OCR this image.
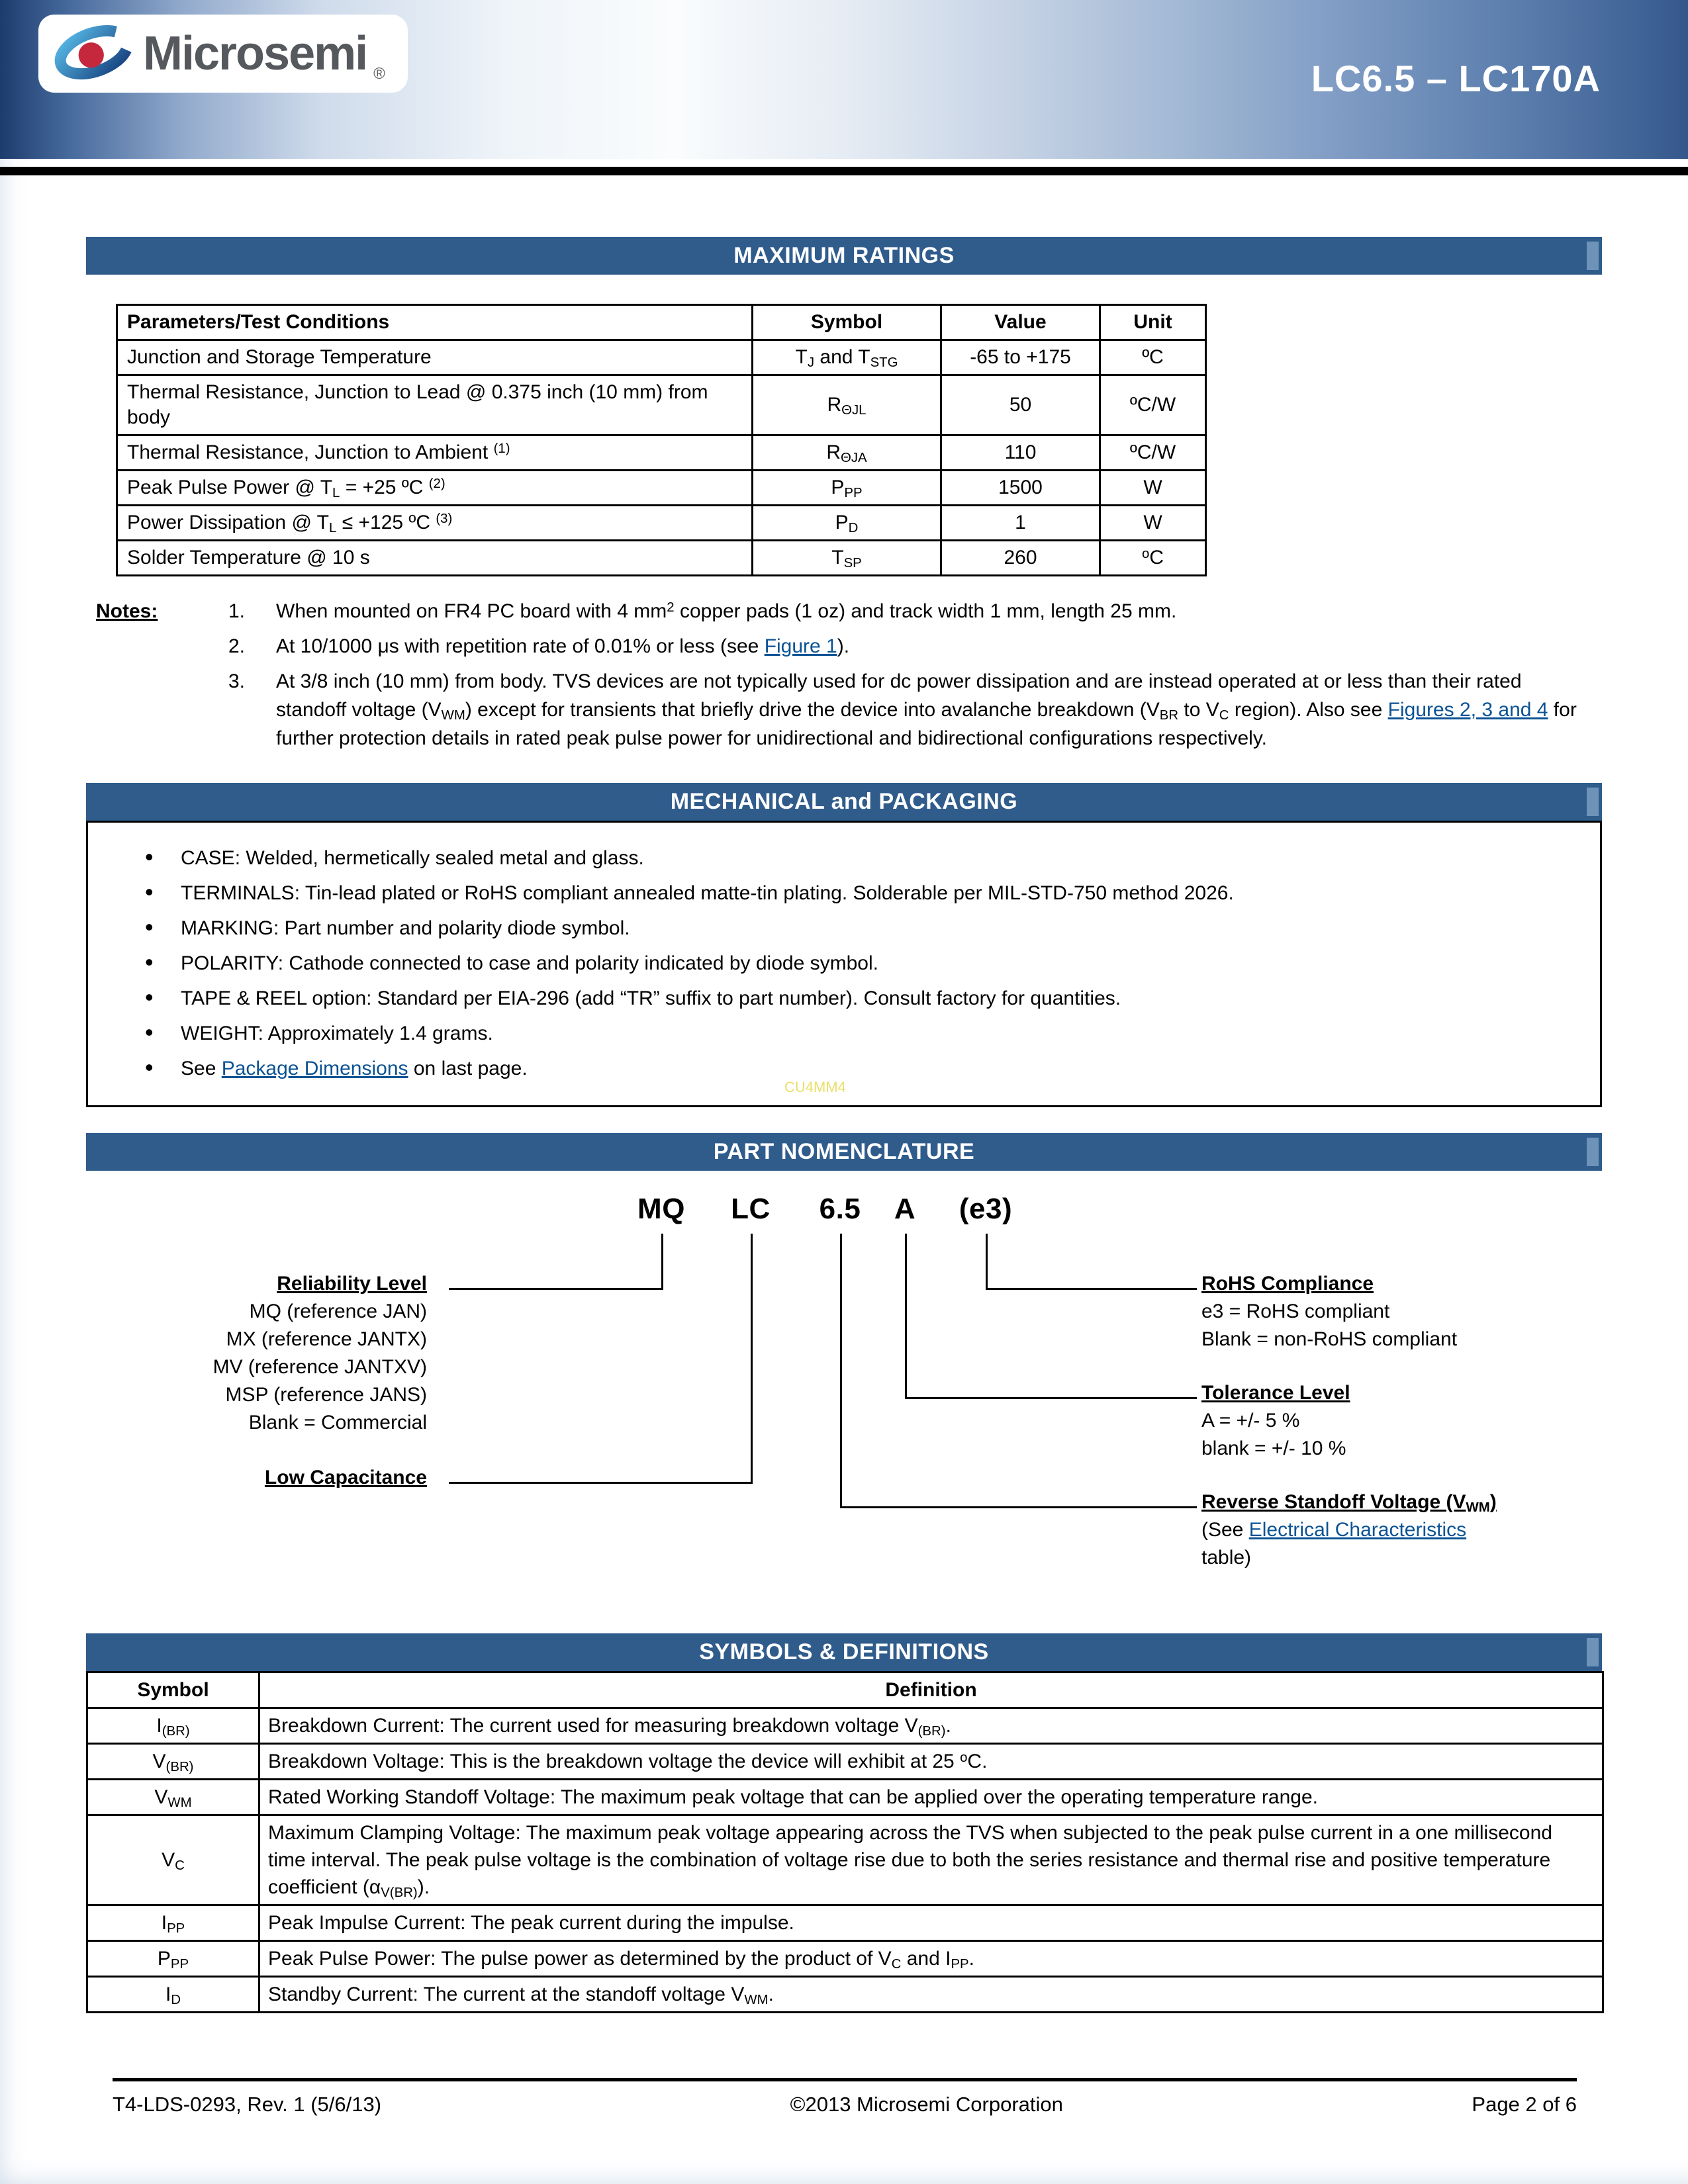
Microsemi ®	LC6.5 – LC170A
MAXIMUM RATINGS
Parameters/Test Conditions	Symbol	Value	Unit
Junction and Storage Temperature	$T_J$ and $T_{STG}$	-65 to +175	ºC
Thermal Resistance, Junction to Lead @ 0.375 inch (10 mm) from body	$R_{\Theta JL}$	50	ºC/W
Thermal Resistance, Junction to Ambient $^{(1)}$	$R_{\Theta JA}$	110	ºC/W
Peak Pulse Power @ $T_L = +25$ ºC $^{(2)}$	$P_{PP}$	1500	W
Power Dissipation @ $T_L \le +125$ ºC $^{(3)}$	$P_D$	1	W
Solder Temperature @ 10 s	$T_{SP}$	260	$^o$C
Notes:	1.	When mounted on FR4 PC board with 4 $mm^2$ copper pads (1 oz) and track width 1 mm, length 25 mm.
2.	At 10/1000 μs with repetition rate of 0.01% or less (see Figure 1).
3.	At 3/8 inch (10 mm) from body. TVS devices are not typically used for dc power dissipation and are instead operated at or less than their rated standoff voltage $(V_{WM})$ except for transients that briefly drive the device into avalanche breakdown ($V_{BR}$ to $V_C$ region). Also see Figures 2, 3 and 4 for further protection details in rated peak pulse power for unidirectional and bidirectional configurations respectively.
MECHANICAL and PACKAGING
• CASE: Welded, hermetically sealed metal and glass.
• TERMINALS: Tin-lead plated or RoHS compliant annealed matte-tin plating. Solderable per MIL-STD-750 method 2026.
• MARKING: Part number and polarity diode symbol.
• POLARITY: Cathode connected to case and polarity indicated by diode symbol.
• TAPE & REEL option: Standard per EIA-296 (add “TR” suffix to part number). Consult factory for quantities.
• WEIGHT: Approximately 1.4 grams.
• See Package Dimensions on last page.
CU4MM4
PART NOMENCLATURE
MQ LC 6.5 A (e3)
Reliability Level
MQ (reference JAN)
MX (reference JANTX)
MV (reference JANTXV)
MSP (reference JANS)
Blank = Commercial
Low Capacitance
RoHS Compliance
e3 = RoHS compliant
Blank = non-RoHS compliant
Tolerance Level
A = +/- 5 %
blank = +/- 10 %
Reverse Standoff Voltage $(V_{WM})$
(See Electrical Characteristics
table)
SYMBOLS & DEFINITIONS
Symbol	Definition
$I_{(BR)}$	Breakdown Current: The current used for measuring breakdown voltage $V_{(BR)}$.
$V_{(BR)}$	Breakdown Voltage: This is the breakdown voltage the device will exhibit at 25 $^o$C.
$V_{WM}$	Rated Working Standoff Voltage: The maximum peak voltage that can be applied over the operating temperature range.
$V_C$	Maximum Clamping Voltage: The maximum peak voltage appearing across the TVS when subjected to the peak pulse current in a one millisecond time interval. The peak pulse voltage is the combination of voltage rise due to both the series resistance and thermal rise and positive temperature coefficient $(\alpha_{V(BR)})$.
$I_{PP}$	Peak Impulse Current: The peak current during the impulse.
$P_{PP}$	Peak Pulse Power: The pulse power as determined by the product of $V_C$ and $I_{PP}$.
$I_D$	Standby Current: The current at the standoff voltage $V_{WM}$.
T4-LDS-0293, Rev. 1 (5/6/13)	©2013 Microsemi Corporation	Page 2 of 6
